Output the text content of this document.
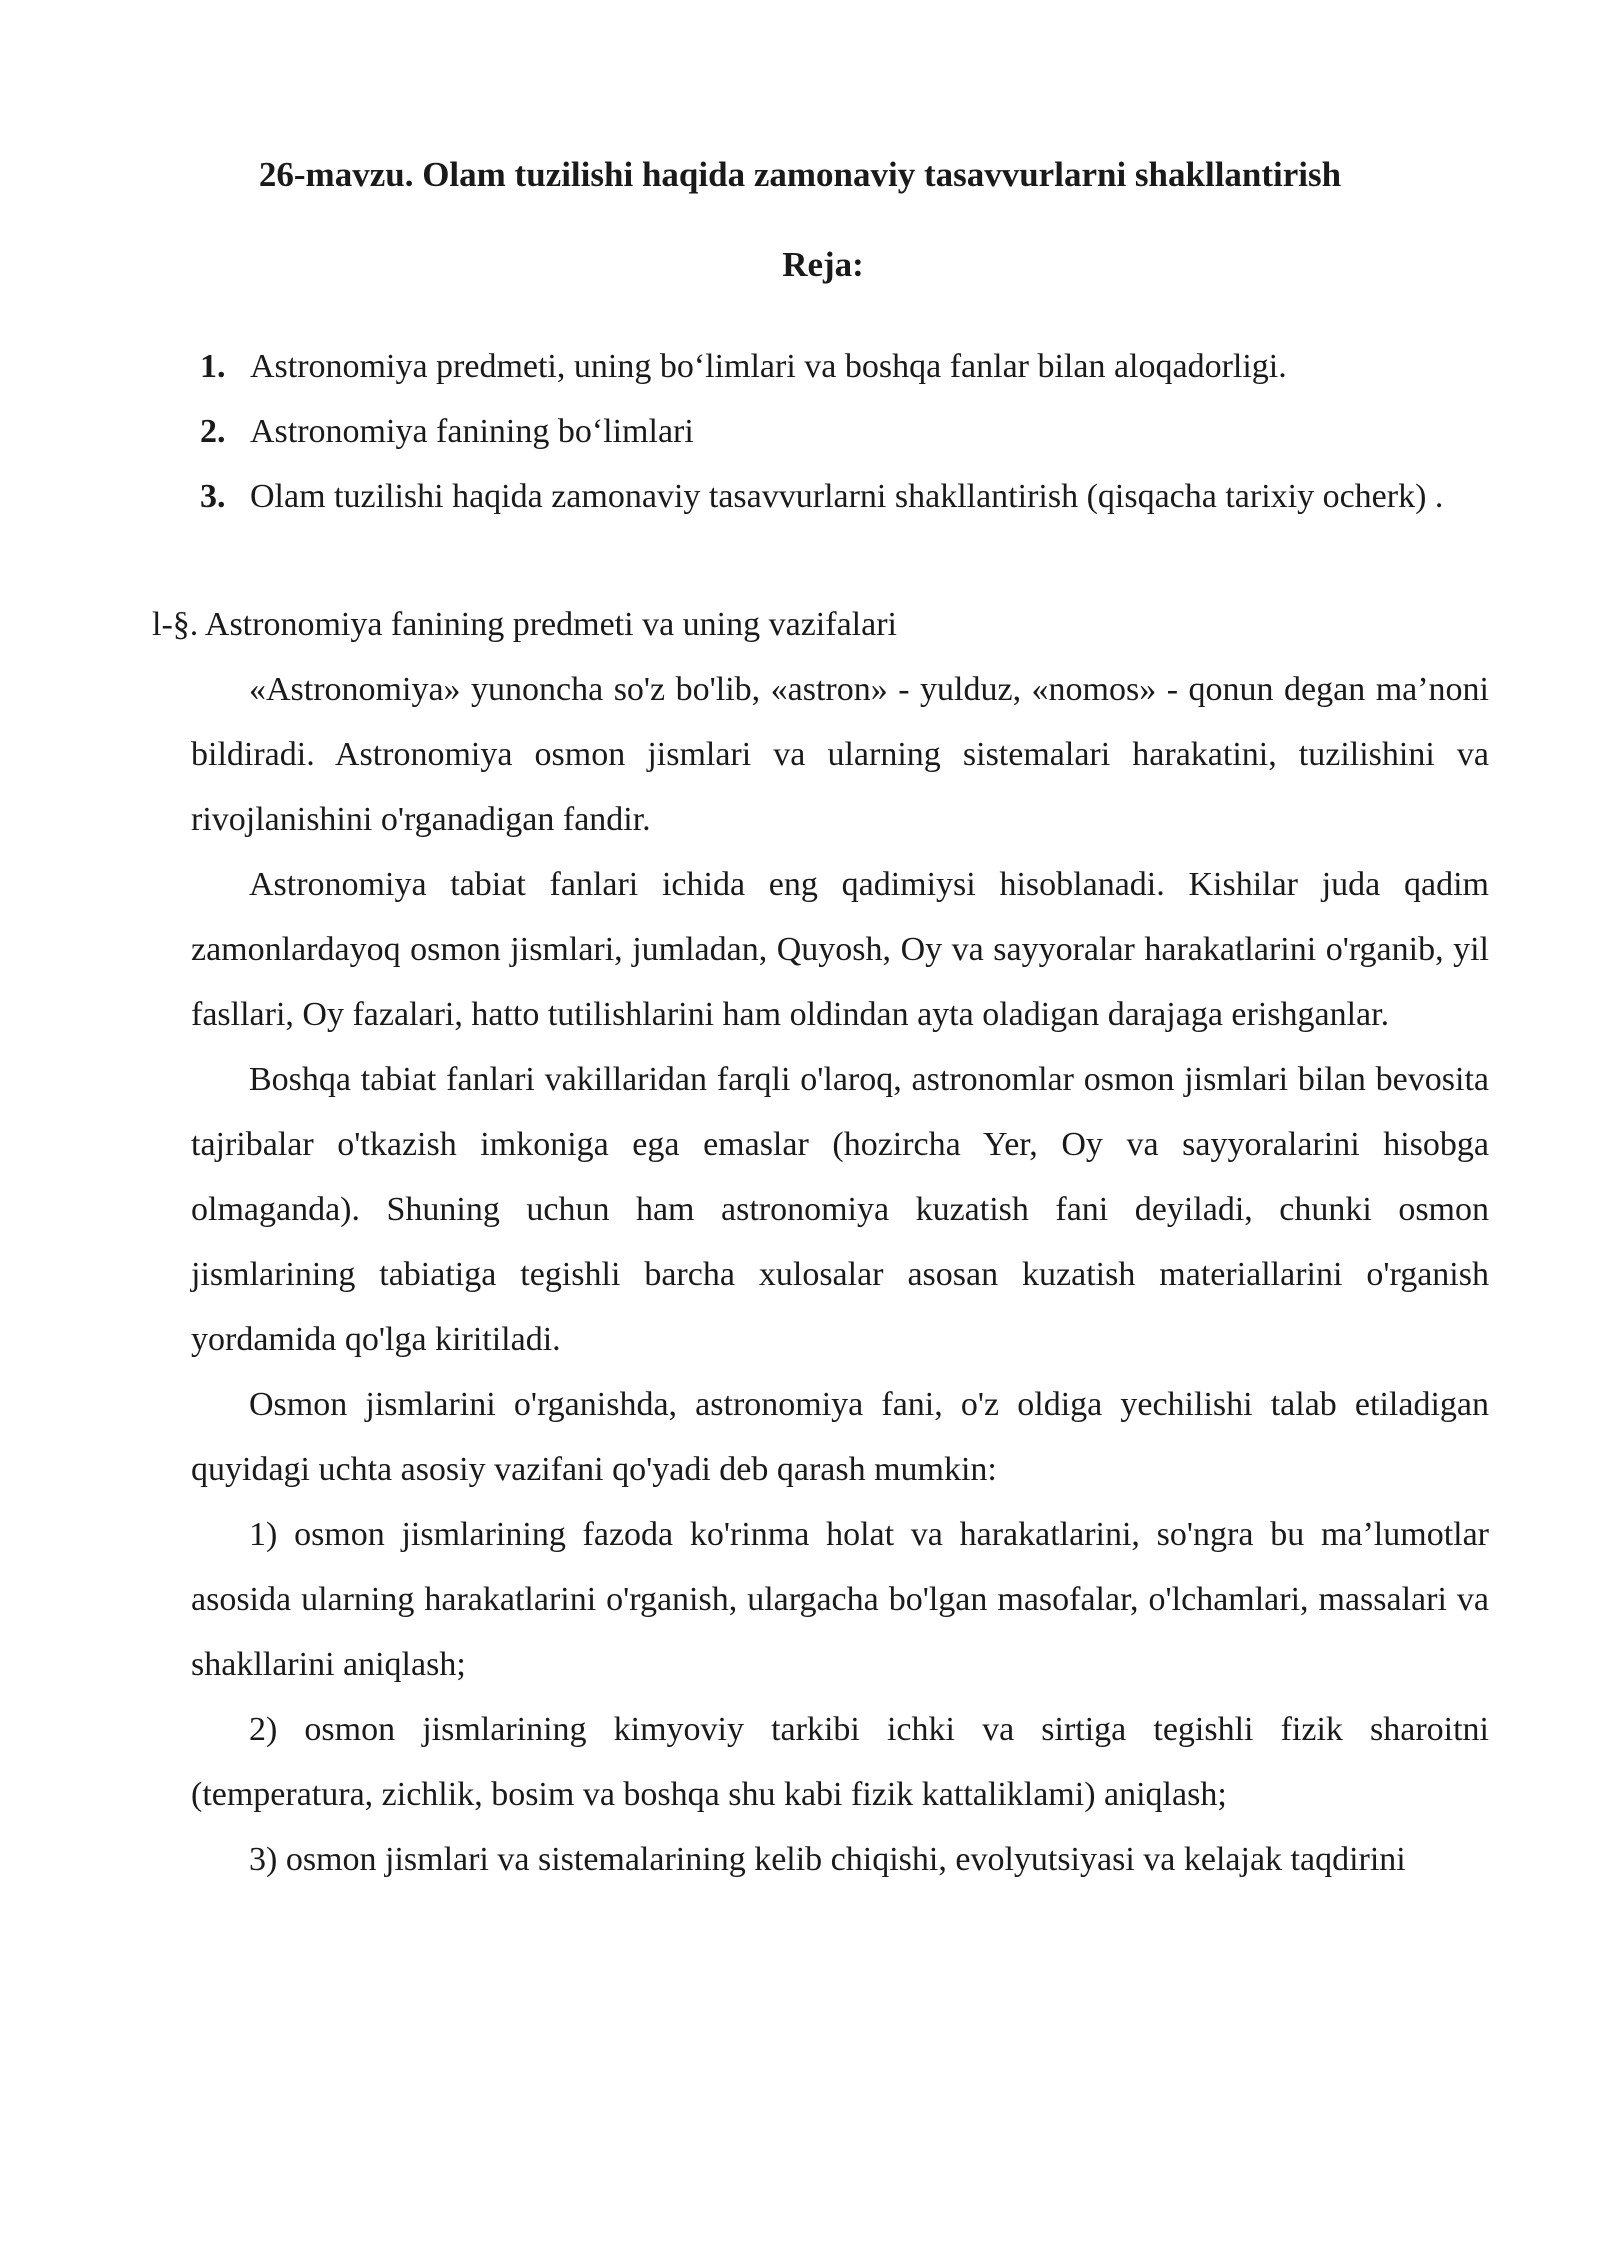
26-mavzu. Olam tuzilishi haqida zamonaviy tasavvurlarni shakllantirish
Reja:
1. Astronomiya predmeti, uning bo‘limlari va boshqa fanlar bilan aloqadorligi.
2. Astronomiya fanining bo‘limlari
3. Olam tuzilishi haqida zamonaviy tasavvurlarni shakllantirish (qisqacha tarixiy ocherk) .

l-§. Astronomiya fanining predmeti va uning vazifalari

«Astronomiya» yunoncha so'z bo'lib, «astron» - yulduz, «nomos» - qonun degan ma’noni bildiradi. Astronomiya osmon jismlari va ularning sistemalari harakatini, tuzilishini va rivojlanishini o'rganadigan fandir.

Astronomiya tabiat fanlari ichida eng qadimiysi hisoblanadi. Kishilar juda qadim zamonlardayoq osmon jismlari, jumladan, Quyosh, Oy va sayyoralar harakatlarini o'rganib, yil fasllari, Oy fazalari, hatto tutilishlarini ham oldindan ayta oladigan darajaga erishganlar.

Boshqa tabiat fanlari vakillaridan farqli o'laroq, astronomlar osmon jismlari bilan bevosita tajribalar o'tkazish imkoniga ega emaslar (hozircha Yer, Oy va sayyoralarini hisobga olmaganda). Shuning uchun ham astronomiya kuzatish fani deyiladi, chunki osmon jismlarining tabiatiga tegishli barcha xulosalar asosan kuzatish materiallarini o'rganish yordamida qo'lga kiritiladi.

Osmon jismlarini o'rganishda, astronomiya fani, o'z oldiga yechilishi talab etiladigan quyidagi uchta asosiy vazifani qo'yadi deb qarash mumkin:

1) osmon jismlarining fazoda ko'rinma holat va harakatlarini, so'ngra bu ma’lumotlar asosida ularning harakatlarini o'rganish, ulargacha bo'lgan masofalar, o'lchamlari, massalari va shakllarini aniqlash;

2) osmon jismlarining kimyoviy tarkibi ichki va sirtiga tegishli fizik sharoitni (temperatura, zichlik, bosim va boshqa shu kabi fizik kattaliklami) aniqlash;

3) osmon jismlari va sistemalarining kelib chiqishi, evolyutsiyasi va kelajak taqdirini
